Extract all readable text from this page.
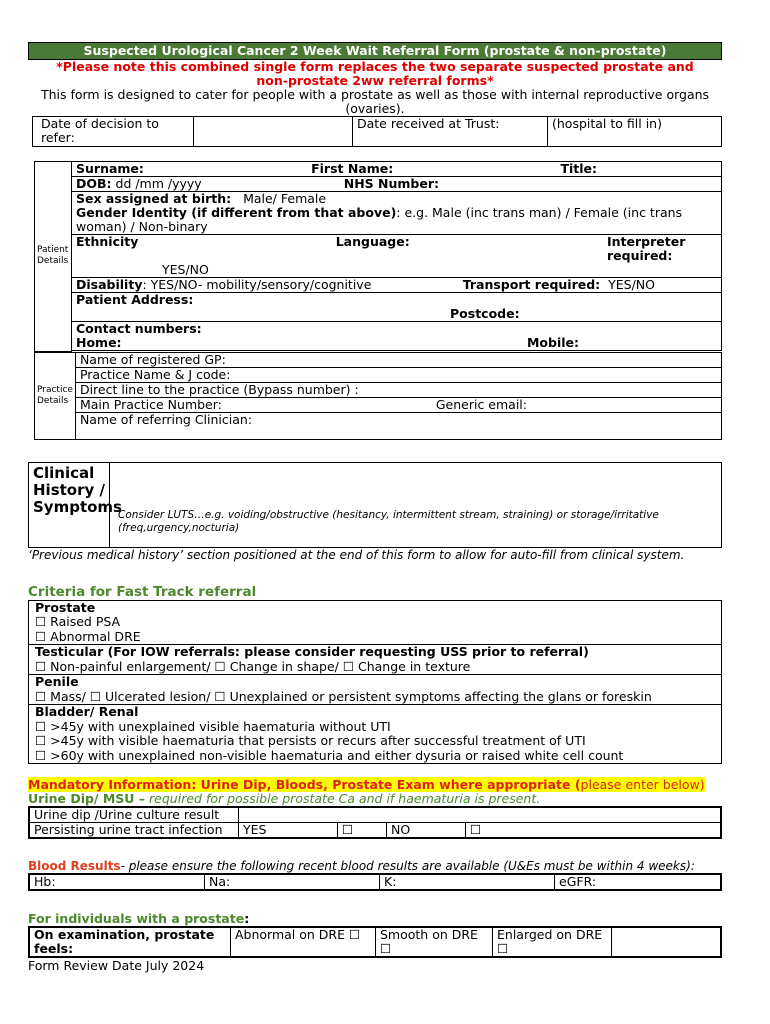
Suspected Urological Cancer 2 Week Wait Referral Form (prostate & non-prostate)
*Please note this combined single form replaces the two separate suspected prostate and
non-prostate 2ww referral forms*
This form is designed to cater for people with a prostate as well as those with internal reproductive organs
(ovaries).
Date of decision to refer:		Date received at Trust:	(hospital to fill in)
Patient Details	
Surname:	First Name:	Title:

DOB: dd /mm /yyyy	NHS Number:

Sex assigned at birth: Male/ Female
Gender Identity (if different from that above): e.g. Male (inc trans man) / Female (inc trans woman) / Non-binary

Ethnicity	Language:	Interpreter required:
YES/NO

Disability: YES/NO- mobility/sensory/cognitive	Transport required: YES/NO

Patient Address:
Postcode:
Contact numbers:

Home:	Mobile:

Practice Details	Name of registered GP:
Practice Name & J code:
Direct line to the practice (Bypass number) :

Main Practice Number:	Generic email:

Name of referring Clinician:
Clinical History / Symptoms
Consider LUTS…e.g. voiding/obstructive (hesitancy, intermittent stream, straining) or storage/irritative (freq,urgency,nocturia)
‘Previous medical history’ section positioned at the end of this form to allow for auto-fill from clinical system.
Criteria for Fast Track referral
Prostate
☐ Raised PSA
☐ Abnormal DRE
Testicular (For IOW referrals: please consider requesting USS prior to referral)
☐ Non-painful enlargement/ ☐ Change in shape/ ☐ Change in texture
Penile
☐ Mass/ ☐ Ulcerated lesion/ ☐ Unexplained or persistent symptoms affecting the glans or foreskin
Bladder/ Renal
☐ >45y with unexplained visible haematuria without UTI
☐ >45y with visible haematuria that persists or recurs after successful treatment of UTI
☐ >60y with unexplained non-visible haematuria and either dysuria or raised white cell count
Mandatory Information: Urine Dip, Bloods, Prostate Exam where appropriate (please enter below)
Urine Dip/ MSU – required for possible prostate Ca and if haematuria is present.
Urine dip /Urine culture result				
Persisting urine tract infection	YES	☐	NO	☐
Blood Results- please ensure the following recent blood results are available (U&Es must be within 4 weeks):
Hb:	Na:	K:	eGFR:
For individuals with a prostate:
On examination, prostate feels:	Abnormal on DRE ☐	Smooth on DRE ☐	Enlarged on DRE ☐	
Form Review Date July 2024
